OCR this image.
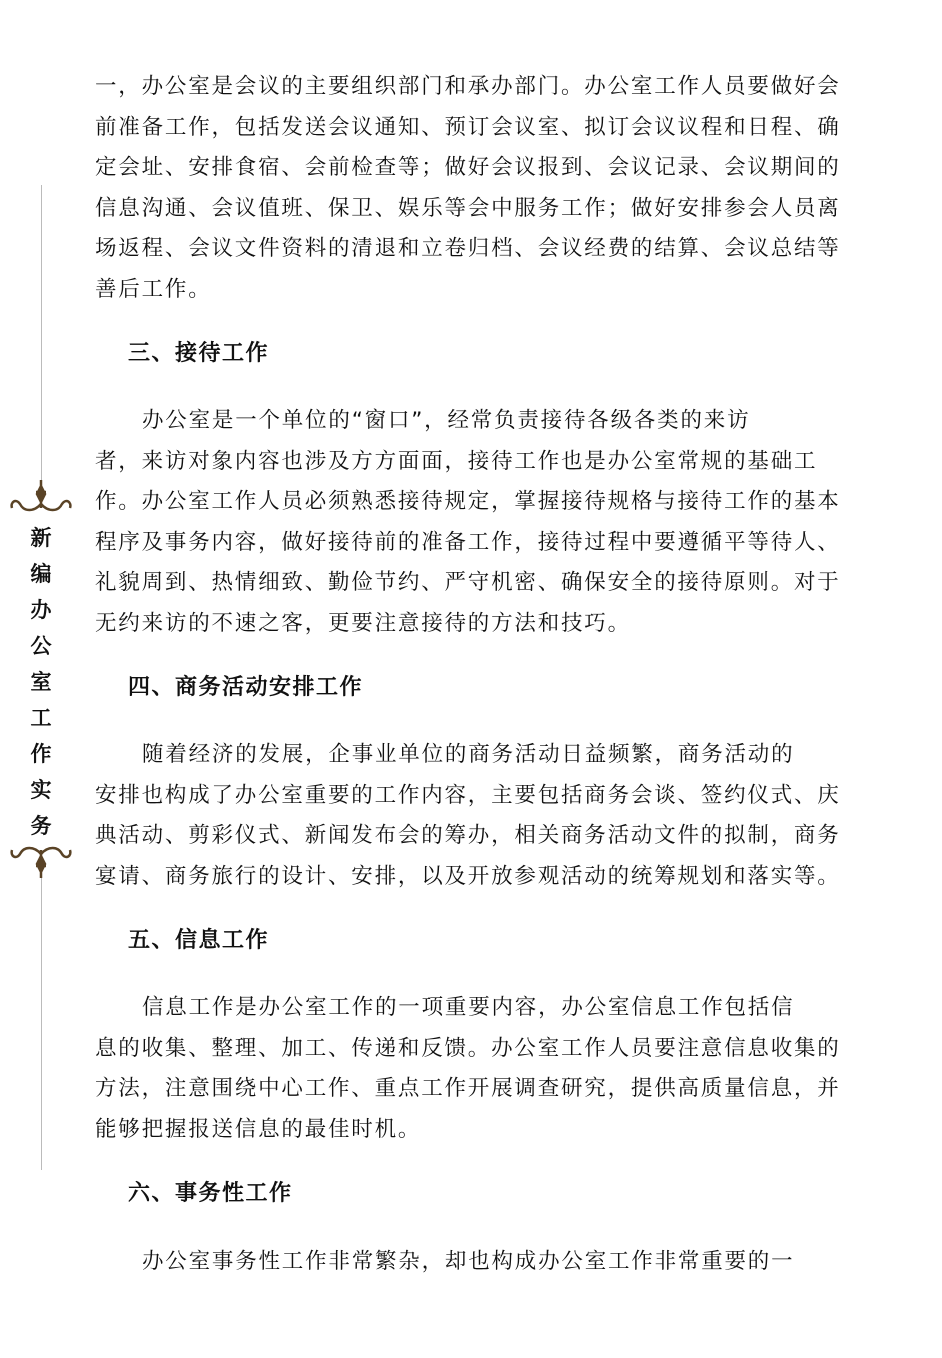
新
编
办
公
室
工
作
实
务
一，办公室是会议的主要组织部门和承办部门。办公室工作人员要做好会
前准备工作，包括发送会议通知、预订会议室、拟订会议议程和日程、确
定会址、安排食宿、会前检查等；做好会议报到、会议记录、会议期间的
信息沟通、会议值班、保卫、娱乐等会中服务工作；做好安排参会人员离
场返程、会议文件资料的清退和立卷归档、会议经费的结算、会议总结等
善后工作。
三、接待工作
办公室是一个单位的“窗口”，经常负责接待各级各类的来访
者，来访对象内容也涉及方方面面，接待工作也是办公室常规的基础工
作。办公室工作人员必须熟悉接待规定，掌握接待规格与接待工作的基本
程序及事务内容，做好接待前的准备工作，接待过程中要遵循平等待人、
礼貌周到、热情细致、勤俭节约、严守机密、确保安全的接待原则。对于
无约来访的不速之客，更要注意接待的方法和技巧。
四、商务活动安排工作
随着经济的发展，企事业单位的商务活动日益频繁，商务活动的
安排也构成了办公室重要的工作内容，主要包括商务会谈、签约仪式、庆
典活动、剪彩仪式、新闻发布会的筹办，相关商务活动文件的拟制，商务
宴请、商务旅行的设计、安排，以及开放参观活动的统筹规划和落实等。
五、信息工作
信息工作是办公室工作的一项重要内容，办公室信息工作包括信
息的收集、整理、加工、传递和反馈。办公室工作人员要注意信息收集的
方法，注意围绕中心工作、重点工作开展调查研究，提供高质量信息，并
能够把握报送信息的最佳时机。
六、事务性工作
办公室事务性工作非常繁杂，却也构成办公室工作非常重要的一
